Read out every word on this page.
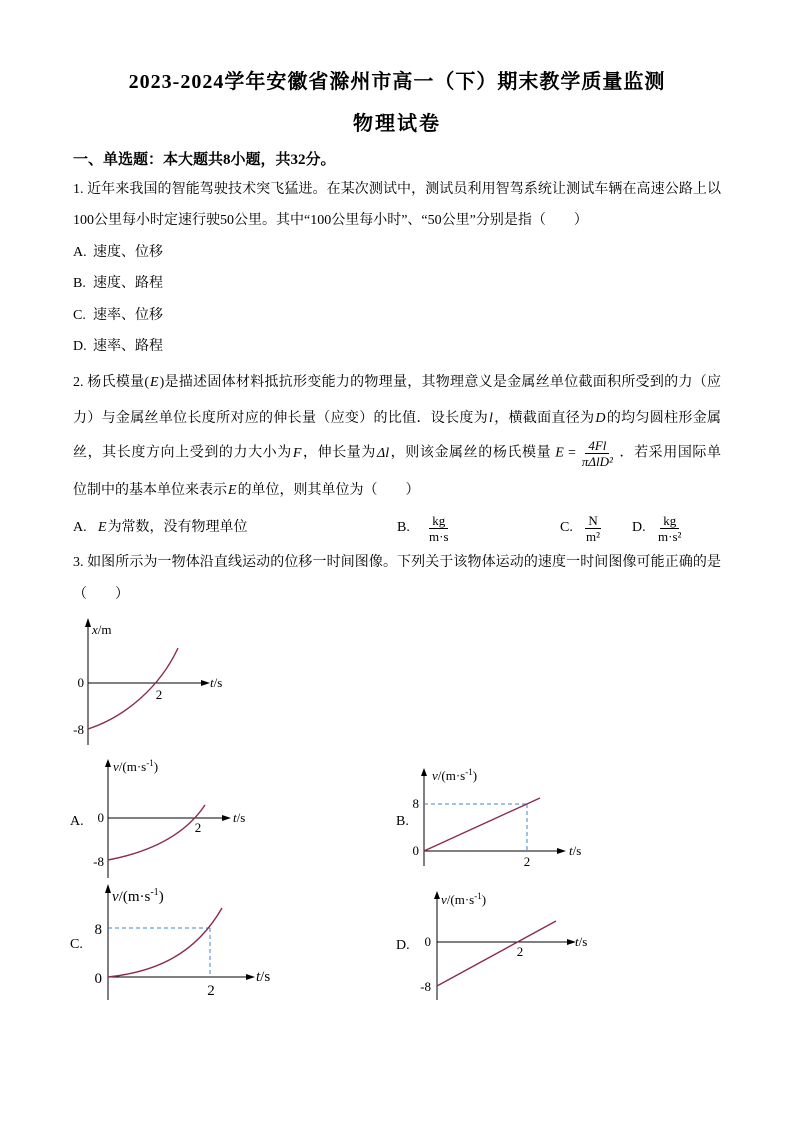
2023-2024学年安徽省滁州市高一（下）期末教学质量监测
物理试卷
一、单选题：本大题共8小题，共32分。
1. 近年来我国的智能驾驶技术突飞猛进。在某次测试中，测试员利用智驾系统让测试车辆在高速公路上以
100公里每小时定速行驶50公里。其中“100公里每小时”、“50公里”分别是指（　　）
A. 速度、位移
B. 速度、路程
C. 速率、位移
D. 速率、路程
2. 杨氏模量(E)是描述固体材料抵抗形变能力的物理量，其物理意义是金属丝单位截面积所受到的力（应
力）与金属丝单位长度所对应的伸长量（应变）的比值．设长度为l，横截面直径为D的均匀圆柱形金属
丝，其长度方向上受到的力大小为F，伸长量为Δl，则该金属丝的杨氏模量 $E = \frac{4Fl}{\text{πΔlD²}}$ ．若采用国际单
位制中的基本单位来表示E的单位，则其单位为（　　）
A. E 为常数，没有物理单位	B.	$\frac{kg}{m\cdot s}$	C. $\frac{N}{\text{m²}} D$. $\frac{kg}{\text{m·s²}}$
3. 如图所示为一物体沿直线运动的位移一时间图像。下列关于该物体运动的速度一时间图像可能正确的是
（　　）
x/m
t/s
0
-8
2
A.
$v/(m\cdot s^{-1})$
t/s
0
-8
2	B.
$v/(m\cdot s^{-1})$
t/s
8
0
2
C.
$v/(m\cdot s^{-1})$
t/s
8
0
2
D.
$v/(m\cdot s^{-1})$
t/s
0
-8
2
